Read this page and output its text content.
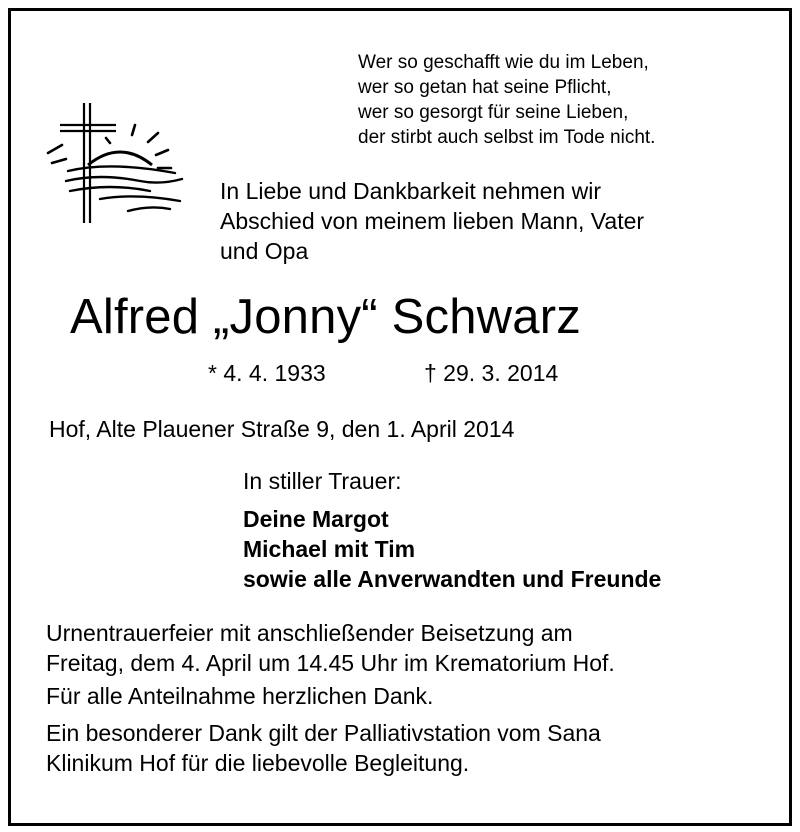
Wer so geschafft wie du im Leben,
wer so getan hat seine Pflicht,
wer so gesorgt für seine Lieben,
der stirbt auch selbst im Tode nicht.
In Liebe und Dankbarkeit nehmen wir
Abschied von meinem lieben Mann, Vater
und Opa
Alfred „Jonny“ Schwarz
* 4. 4. 1933	† 29. 3. 2014
Hof, Alte Plauener Straße 9, den 1. April 2014
In stiller Trauer:
Deine Margot
Michael mit Tim
sowie alle Anverwandten und Freunde
Urnentrauerfeier mit anschließender Beisetzung am
Freitag, dem 4. April um 14.45 Uhr im Krematorium Hof.
Für alle Anteilnahme herzlichen Dank.
Ein besonderer Dank gilt der Palliativstation vom Sana
Klinikum Hof für die liebevolle Begleitung.
